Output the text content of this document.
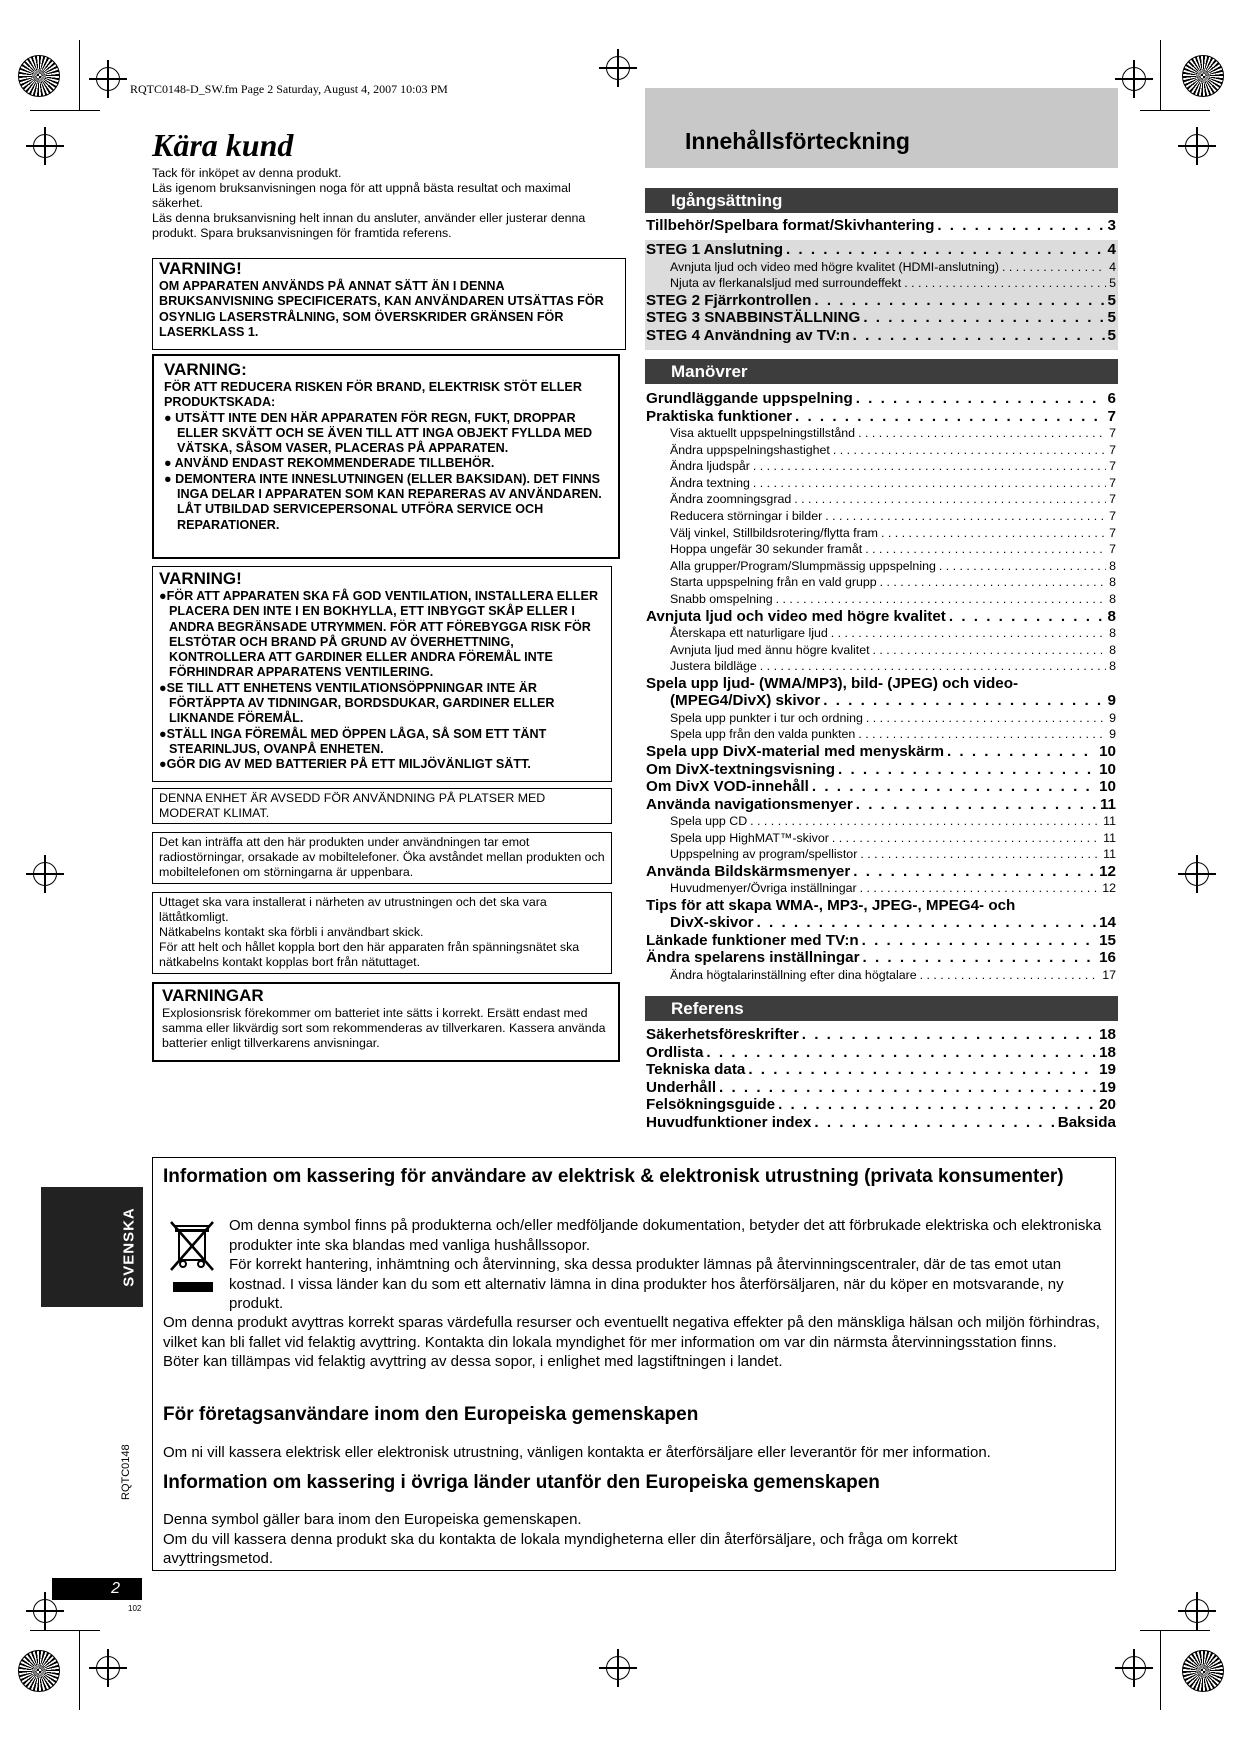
RQTC0148-D_SW.fm Page 2 Saturday, August 4, 2007 10:03 PM
Kära kund

Tack för inköpet av denna produkt.

Läs igenom bruksanvisningen noga för att uppnå bästa resultat och maximal säkerhet.

Läs denna bruksanvisning helt innan du ansluter, använder eller justerar denna produkt. Spara bruksanvisningen för framtida referens.

VARNING!
OM APPARATEN ANVÄNDS PÅ ANNAT SÄTT ÄN I DENNA BRUKSANVISNING SPECIFICERATS, KAN ANVÄNDAREN UTSÄTTAS FÖR OSYNLIG LASERSTRÅLNING, SOM ÖVERSKRIDER GRÄNSEN FÖR LASERKLASS 1.
VARNING:
FÖR ATT REDUCERA RISKEN FÖR BRAND, ELEKTRISK STÖT ELLER PRODUKTSKADA:
● UTSÄTT INTE DEN HÄR APPARATEN FÖR REGN, FUKT, DROPPAR ELLER SKVÄTT OCH SE ÄVEN TILL ATT INGA OBJEKT FYLLDA MED VÄTSKA, SÅSOM VASER, PLACERAS PÅ APPARATEN.
● ANVÄND ENDAST REKOMMENDERADE TILLBEHÖR.
● DEMONTERA INTE INNESLUTNINGEN (ELLER BAKSIDAN). DET FINNS INGA DELAR I APPARATEN SOM KAN REPARERAS AV ANVÄNDAREN. LÅT UTBILDAD SERVICEPERSONAL UTFÖRA SERVICE OCH REPARATIONER.
VARNING!
●FÖR ATT APPARATEN SKA FÅ GOD VENTILATION, INSTALLERA ELLER PLACERA DEN INTE I EN BOKHYLLA, ETT INBYGGT SKÅP ELLER I ANDRA BEGRÄNSADE UTRYMMEN. FÖR ATT FÖREBYGGA RISK FÖR ELSTÖTAR OCH BRAND PÅ GRUND AV ÖVERHETTNING, KONTROLLERA ATT GARDINER ELLER ANDRA FÖREMÅL INTE FÖRHINDRAR APPARATENS VENTILERING.
●SE TILL ATT ENHETENS VENTILATIONSÖPPNINGAR INTE ÄR FÖRTÄPPTA AV TIDNINGAR, BORDSDUKAR, GARDINER ELLER LIKNANDE FÖREMÅL.
●STÄLL INGA FÖREMÅL MED ÖPPEN LÅGA, SÅ SOM ETT TÄNT STEARINLJUS, OVANPÅ ENHETEN.
●GÖR DIG AV MED BATTERIER PÅ ETT MILJÖVÄNLIGT SÄTT.
DENNA ENHET ÄR AVSEDD FÖR ANVÄNDNING PÅ PLATSER MED MODERAT KLIMAT.
Det kan inträffa att den här produkten under användningen tar emot radiostörningar, orsakade av mobiltelefoner. Öka avståndet mellan produkten och mobiltelefonen om störningarna är uppenbara.

Uttaget ska vara installerat i närheten av utrustningen och det ska vara lättåtkomligt.

Nätkabelns kontakt ska förbli i användbart skick.

För att helt och hållet koppla bort den här apparaten från spänningsnätet ska nätkabelns kontakt kopplas bort från nätuttaget.

VARNINGAR
Explosionsrisk förekommer om batteriet inte sätts i korrekt. Ersätt endast med samma eller likvärdig sort som rekommenderas av tillverkaren. Kassera använda batterier enligt tillverkarens anvisningar.
Innehållsförteckning
Igångsättning
Tillbehör/Spelbara format/Skivhantering . . .	3
STEG 1 Anslutning . . .	4
Avnjuta ljud och video med högre kvalitet (HDMI-anslutning) . . .	4
Njuta av flerkanalsljud med surroundeffekt . . .	5
STEG 2 Fjärrkontrollen . . .	5
STEG 3 SNABBINSTÄLLNING . . .	5
STEG 4 Användning av TV:n . . .	5
Manövrer
Grundläggande uppspelning . . .	6
Praktiska funktioner . . .	7
Visa aktuellt uppspelningstillstånd . . .	7
Ändra uppspelningshastighet . . .	7
Ändra ljudspår . . .	7
Ändra textning . . .	7
Ändra zoomningsgrad . . .	7
Reducera störningar i bilder . . .	7
Välj vinkel, Stillbildsrotering/flytta fram . . .	7
Hoppa ungefär 30 sekunder framåt . . .	7
Alla grupper/Program/Slumpmässig uppspelning . . .	8
Starta uppspelning från en vald grupp . . .	8
Snabb omspelning . . .	8
Avnjuta ljud och video med högre kvalitet . . .	8
Återskapa ett naturligare ljud . . .	8
Avnjuta ljud med ännu högre kvalitet . . .	8
Justera bildläge . . .	8
Spela upp ljud- (WMA/MP3), bild- (JPEG) och video-
(MPEG4/DivX) skivor . . .	9
Spela upp punkter i tur och ordning . . .	9
Spela upp från den valda punkten . . .	9
Spela upp DivX-material med menyskärm . . .	10
Om DivX-textningsvisning . . .	10
Om DivX VOD-innehåll . . .	10
Använda navigationsmenyer . . .	11
Spela upp CD . . .	11
Spela upp HighMAT™-skivor . . .	11
Uppspelning av program/spellistor . . .	11
Använda Bildskärmsmenyer . . .	12
Huvudmenyer/Övriga inställningar . . .	12
Tips för att skapa WMA-, MP3-, JPEG-, MPEG4- och
DivX-skivor . . .	14
Länkade funktioner med TV:n . . .	15
Ändra spelarens inställningar . . .	16
Ändra högtalarinställning efter dina högtalare . . .	17
Referens
Säkerhetsföreskrifter . . .	18
Ordlista . . .	18
Tekniska data . . .	19
Underhåll . . .	19
Felsökningsguide . . .	20
Huvudfunktioner index . . .	Baksida
SVENSKA
Information om kassering för användare av elektrisk & elektronisk utrustning (privata konsumenter)
Om denna symbol finns på produkterna och/eller medföljande dokumentation, betyder det att förbrukade elektriska och elektroniska produkter inte ska blandas med vanliga hushållssopor.
För korrekt hantering, inhämtning och återvinning, ska dessa produkter lämnas på återvinningscentraler, där de tas emot utan kostnad. I vissa länder kan du som ett alternativ lämna in dina produkter hos återförsäljaren, när du köper en motsvarande, ny produkt.
Om denna produkt avyttras korrekt sparas värdefulla resurser och eventuellt negativa effekter på den mänskliga hälsan och miljön förhindras, vilket kan bli fallet vid felaktig avyttring. Kontakta din lokala myndighet för mer information om var din närmsta återvinningsstation finns.
Böter kan tillämpas vid felaktig avyttring av dessa sopor, i enlighet med lagstiftningen i landet.
För företagsanvändare inom den Europeiska gemenskapen
Om ni vill kassera elektrisk eller elektronisk utrustning, vänligen kontakta er återförsäljare eller leverantör för mer information.
Information om kassering i övriga länder utanför den Europeiska gemenskapen
Denna symbol gäller bara inom den Europeiska gemenskapen.
Om du vill kassera denna produkt ska du kontakta de lokala myndigheterna eller din återförsäljare, och fråga om korrekt avyttringsmetod.
RQTC0148
2
102
